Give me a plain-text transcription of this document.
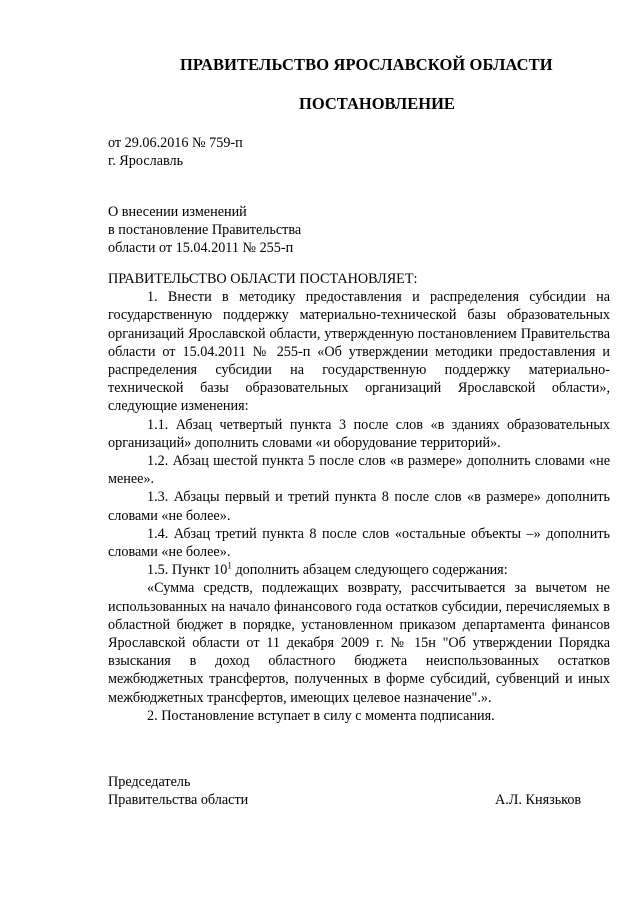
ПРАВИТЕЛЬСТВО ЯРОСЛАВСКОЙ ОБЛАСТИ
ПОСТАНОВЛЕНИЕ
от 29.06.2016 № 759-п
г. Ярославль
О внесении изменений
в постановление Правительства
области от 15.04.2011 № 255-п

ПРАВИТЕЛЬСТВО ОБЛАСТИ ПОСТАНОВЛЯЕТ:

1. Внести в методику предоставления и распределения субсидии на государственную поддержку материально-технической базы образовательных организаций Ярославской области, утвержденную постановлением Правительства области от 15.04.2011 № 255-п «Об утверждении методики предоставления и распределения субсидии на государственную поддержку материально-технической базы образовательных организаций Ярославской области», следующие изменения:

1.1. Абзац четвертый пункта 3 после слов «в зданиях образовательных организаций» дополнить словами «и оборудование территорий».

1.2. Абзац шестой пункта 5 после слов «в размере» дополнить словами «не менее».

1.3. Абзацы первый и третий пункта 8 после слов «в размере» дополнить словами «не более».

1.4. Абзац третий пункта 8 после слов «остальные объекты –» дополнить словами «не более».

1.5. Пункт $10^1$ дополнить абзацем следующего содержания:

«Сумма средств, подлежащих возврату, рассчитывается за вычетом не использованных на начало финансового года остатков субсидии, перечисляемых в областной бюджет в порядке, установленном приказом департамента финансов Ярославской области от 11 декабря 2009 г. № 15н "Об утверждении Порядка взыскания в доход областного бюджета неиспользованных остатков межбюджетных трансфертов, полученных в форме субсидий, субвенций и иных межбюджетных трансфертов, имеющих целевое назначение".».

2. Постановление вступает в силу с момента подписания.

Председатель
Правительства области	А.Л. Князьков
